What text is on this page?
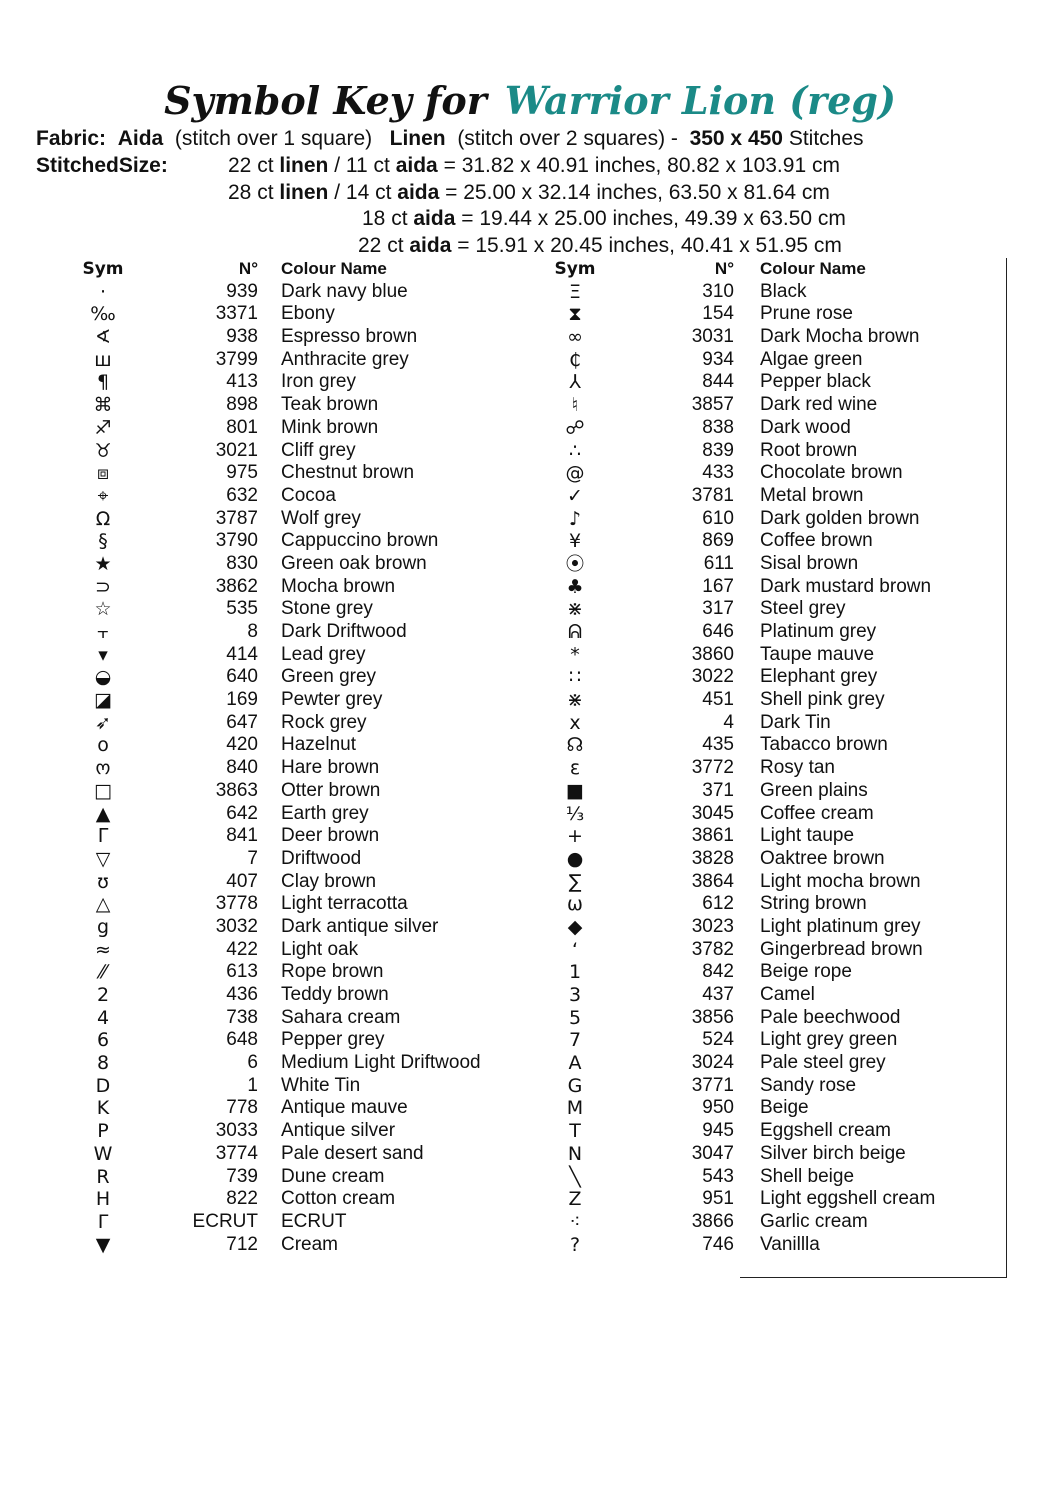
Symbol Key for Warrior Lion (reg)
Fabric: Aida (stitch over 1 square) Linen (stitch over 2 squares) - 350 x 450 Stitches
StitchedSize:	22 ct linen / 11 ct aida = 31.82 x 40.91 inches, 80.82 x 103.91 cm
28 ct linen / 14 ct aida = 25.00 x 32.14 inches, 63.50 x 81.64 cm
18 ct aida = 19.44 x 25.00 inches, 49.39 x 63.50 cm
22 ct aida = 15.91 x 20.45 inches, 40.41 x 51.95 cm
Sym	N° Colour Name
·	939 Dark navy blue
‰	3371 Ebony
∢	938 Espresso brown
ш	3799 Anthracite grey
¶	413 Iron grey
⌘	898 Teak brown
♐	801 Mink brown
♉	3021 Cliff grey
⧈	975 Chestnut brown
⌖	632 Cocoa
Ω	3787 Wolf grey
§	3790 Cappuccino brown
★	830 Green oak brown
⊃	3862 Mocha brown
☆	535 Stone grey
⫟	8 Dark Driftwood
▾	414 Lead grey
◒	640 Green grey
◪	169 Pewter grey
➶	647 Rock grey
o	420 Hazelnut
ო	840 Hare brown
□	3863 Otter brown
▲	642 Earth grey
ᒥ	841 Deer brown
▽	7 Driftwood
ʊ	407 Clay brown
△	3778 Light terracotta
g	3032 Dark antique silver
≈	422 Light oak
⁄⁄	613 Rope brown
2	436 Teddy brown
4	738 Sahara cream
6	648 Pepper grey
8	6 Medium Light Driftwood
D	1 White Tin
K	778 Antique mauve
P	3033 Antique silver
W	3774 Pale desert sand
R	739 Dune cream
H	822 Cotton cream
Γ	ECRUT ECRUT
▼	712 Cream
Sym	N° Colour Name
Ξ	310 Black
⧗	154 Prune rose
∞	3031 Dark Mocha brown
₵	934 Algae green
⅄	844 Pepper black
♮	3857 Dark red wine
☍	838 Dark wood
∴	839 Root brown
@	433 Chocolate brown
✓	3781 Metal brown
♪	610 Dark golden brown
¥	869 Coffee brown
⦿	611 Sisal brown
♣	167 Dark mustard brown
⋇	317 Steel grey
ᕱ	646 Platinum grey
*	3860 Taupe mauve
∷	3022 Elephant grey
⋇	451 Shell pink grey
x	4 Dark Tin
☊	435 Tabacco brown
ε	3772 Rosy tan
■	371 Green plains
⅓	3045 Coffee cream
+	3861 Light taupe
●	3828 Oaktree brown
∑	3864 Light mocha brown
ω	612 String brown
◆	3023 Light platinum grey
‘	3782 Gingerbread brown
1	842 Beige rope
3	437 Camel
5	3856 Pale beechwood
7	524 Light grey green
A	3024 Pale steel grey
G	3771 Sandy rose
M	950 Beige
T	945 Eggshell cream
N	3047 Silver birch beige
╲	543 Shell beige
Z	951 Light eggshell cream
⁖	3866 Garlic cream
?	746 Vanillla
